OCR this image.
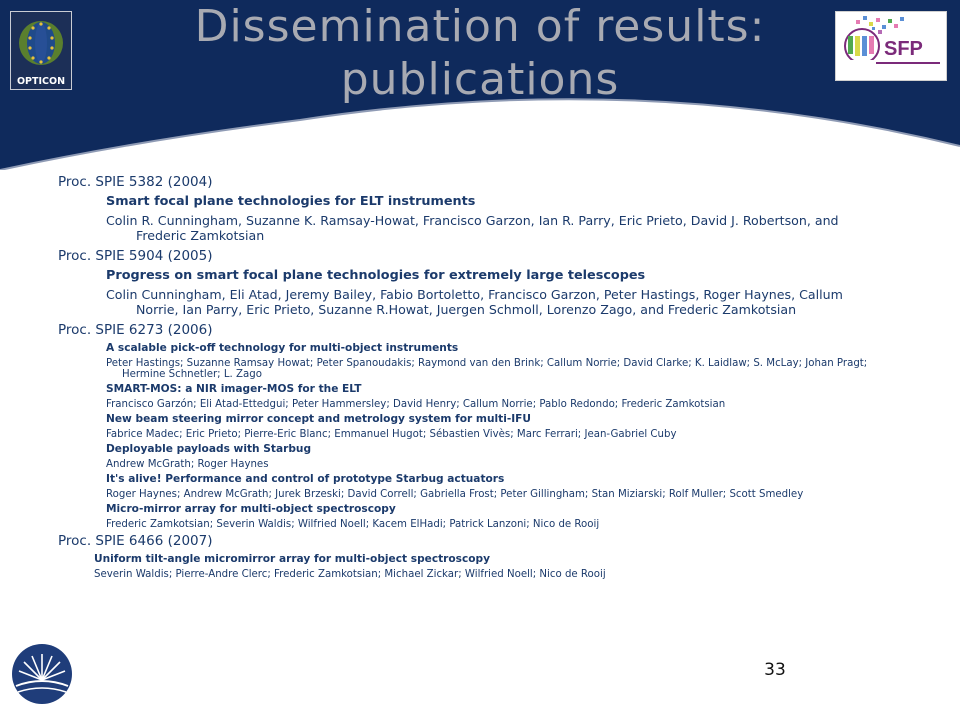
Dissemination of results:
publications
OPTICON
SFP
Proc. SPIE 5382 (2004)
Smart focal plane technologies for ELT instruments
Colin R. Cunningham, Suzanne K. Ramsay-Howat, Francisco Garzon, Ian R. Parry, Eric Prieto, David J. Robertson, and Frederic Zamkotsian
Proc. SPIE 5904 (2005)
Progress on smart focal plane technologies for extremely large telescopes
Colin Cunningham, Eli Atad, Jeremy Bailey, Fabio Bortoletto, Francisco Garzon, Peter Hastings, Roger Haynes, Callum Norrie, Ian Parry, Eric Prieto, Suzanne R.Howat, Juergen Schmoll, Lorenzo Zago, and Frederic Zamkotsian
Proc. SPIE 6273 (2006)
A scalable pick-off technology for multi-object instruments
Peter Hastings; Suzanne Ramsay Howat; Peter Spanoudakis; Raymond van den Brink; Callum Norrie; David Clarke; K. Laidlaw; S. McLay; Johan Pragt; Hermine Schnetler; L. Zago
SMART-MOS: a NIR imager-MOS for the ELT
Francisco Garzón; Eli Atad-Ettedgui; Peter Hammersley; David Henry; Callum Norrie; Pablo Redondo; Frederic Zamkotsian
New beam steering mirror concept and metrology system for multi-IFU
Fabrice Madec; Eric Prieto; Pierre-Eric Blanc; Emmanuel Hugot; Sébastien Vivès; Marc Ferrari; Jean-Gabriel Cuby
Deployable payloads with Starbug
Andrew McGrath; Roger Haynes
It's alive! Performance and control of prototype Starbug actuators
Roger Haynes; Andrew McGrath; Jurek Brzeski; David Correll; Gabriella Frost; Peter Gillingham; Stan Miziarski; Rolf Muller; Scott Smedley
Micro-mirror array for multi-object spectroscopy
Frederic Zamkotsian; Severin Waldis; Wilfried Noell; Kacem ElHadi; Patrick Lanzoni; Nico de Rooij
Proc. SPIE 6466 (2007)
Uniform tilt-angle micromirror array for multi-object spectroscopy
Severin Waldis; Pierre-Andre Clerc; Frederic Zamkotsian; Michael Zickar; Wilfried Noell; Nico de Rooij
33
